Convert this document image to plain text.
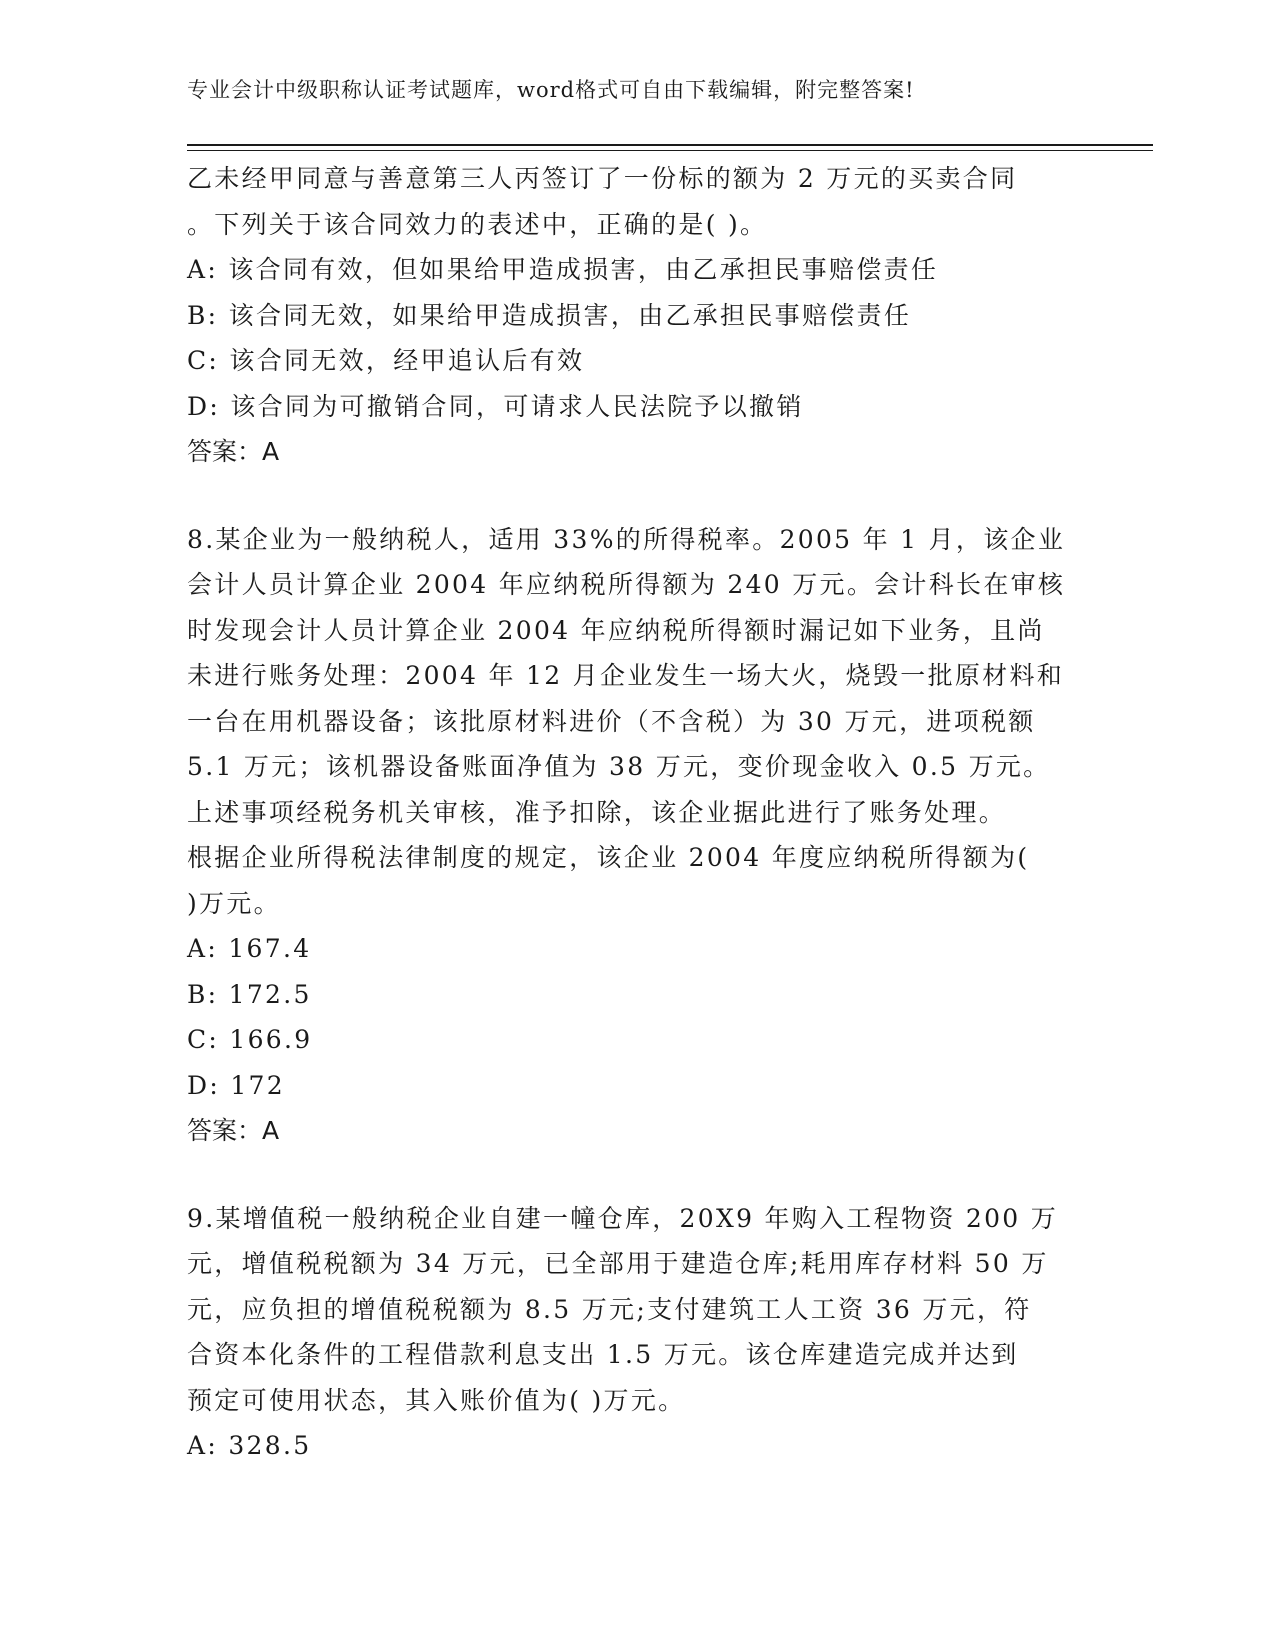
专业会计中级职称认证考试题库，word格式可自由下载编辑，附完整答案!
乙未经甲同意与善意第三人丙签订了一份标的额为 2 万元的买卖合同
。下列关于该合同效力的表述中，正确的是( )。
A: 该合同有效，但如果给甲造成损害，由乙承担民事赔偿责任
B: 该合同无效，如果给甲造成损害，由乙承担民事赔偿责任
C: 该合同无效，经甲追认后有效
D: 该合同为可撤销合同，可请求人民法院予以撤销
答案：A
8.某企业为一般纳税人，适用 33%的所得税率。2005 年 1 月，该企业
会计人员计算企业 2004 年应纳税所得额为 240 万元。会计科长在审核
时发现会计人员计算企业 2004 年应纳税所得额时漏记如下业务，且尚
未进行账务处理：2004 年 12 月企业发生一场大火，烧毁一批原材料和
一台在用机器设备；该批原材料进价（不含税）为 30 万元，进项税额
5.1 万元；该机器设备账面净值为 38 万元，变价现金收入 0.5 万元。
上述事项经税务机关审核，准予扣除，该企业据此进行了账务处理。
根据企业所得税法律制度的规定，该企业 2004 年度应纳税所得额为(
)万元。
A: 167.4
B: 172.5
C: 166.9
D: 172
答案：A
9.某增值税一般纳税企业自建一幢仓库，20X9 年购入工程物资 200 万
元，增值税税额为 34 万元，已全部用于建造仓库;耗用库存材料 50 万
元，应负担的增值税税额为 8.5 万元;支付建筑工人工资 36 万元，符
合资本化条件的工程借款利息支出 1.5 万元。该仓库建造完成并达到
预定可使用状态，其入账价值为( )万元。
A: 328.5
